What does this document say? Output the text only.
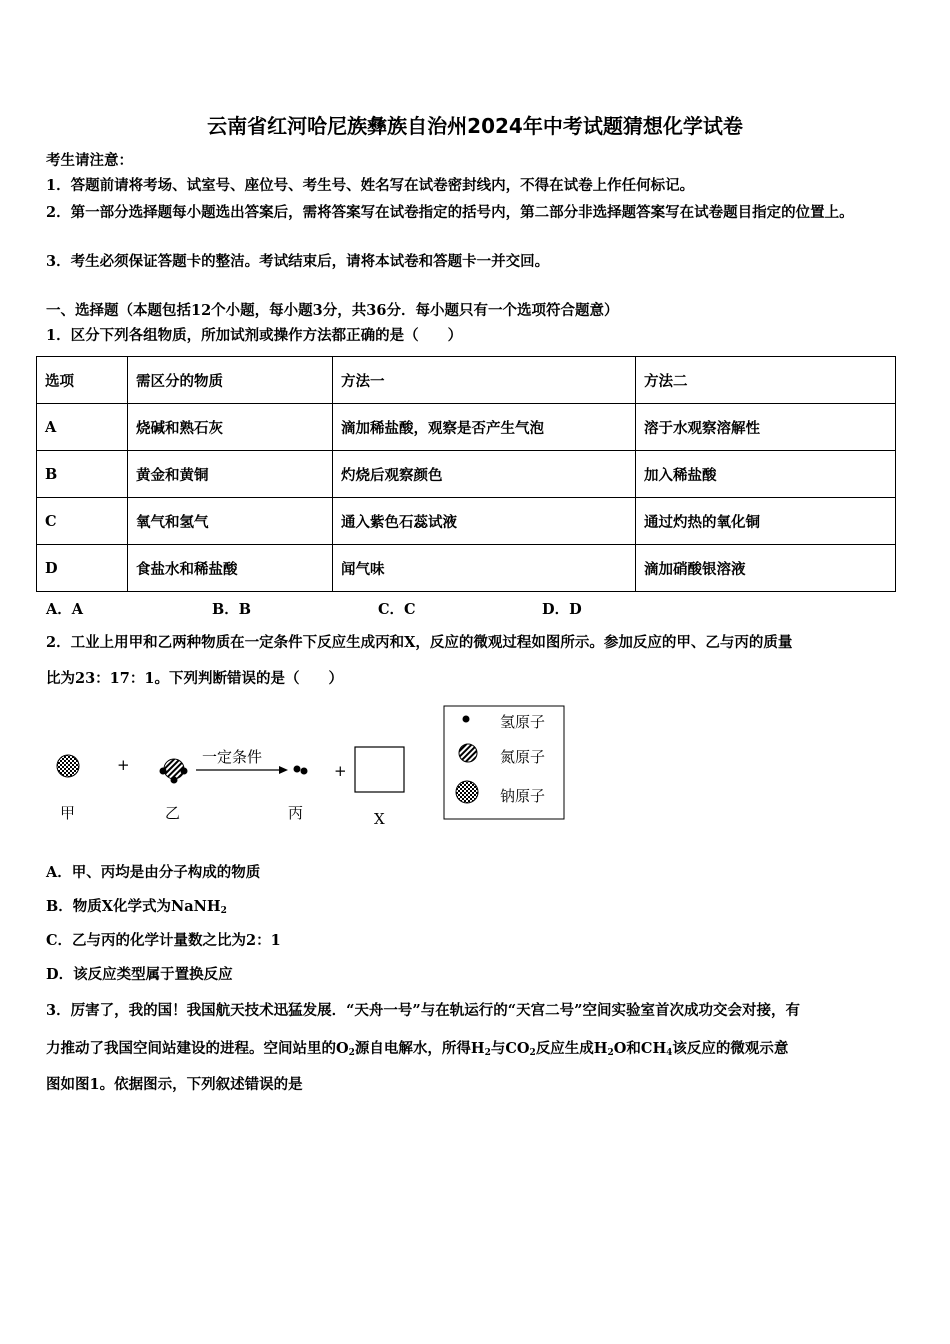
云南省红河哈尼族彝族自治州2024年中考试题猜想化学试卷
考生请注意：
1．答题前请将考场、试室号、座位号、考生号、姓名写在试卷密封线内，不得在试卷上作任何标记。
2．第一部分选择题每小题选出答案后，需将答案写在试卷指定的括号内，第二部分非选择题答案写在试卷题目指定的位置上。
3．考生必须保证答题卡的整洁。考试结束后，请将本试卷和答题卡一并交回。
一、选择题（本题包括12个小题，每小题3分，共36分．每小题只有一个选项符合题意）
1．区分下列各组物质，所加试剂或操作方法都正确的是（　　）
选项	需区分的物质	方法一	方法二
A	烧碱和熟石灰	滴加稀盐酸，观察是否产生气泡	溶于水观察溶解性
B	黄金和黄铜	灼烧后观察颜色	加入稀盐酸
C	氧气和氢气	通入紫色石蕊试液	通过灼热的氧化铜
D	食盐水和稀盐酸	闻气味	滴加硝酸银溶液
A．A	B．B	C．C	D．D
2．工业上用甲和乙两种物质在一定条件下反应生成丙和X，反应的微观过程如图所示。参加反应的甲、乙与丙的质量
比为23：17：1。下列判断错误的是（　　）
+	+
一定条件
甲	乙	丙	X
氢原子
氮原子
钠原子
A．甲、丙均是由分子构成的物质
B．物质X化学式为NaNH$_2$
C．乙与丙的化学计量数之比为2：1
D．该反应类型属于置换反应
3．厉害了，我的国！我国航天技术迅猛发展．“天舟一号”与在轨运行的“天宫二号”空间实验室首次成功交会对接，有
力推动了我国空间站建设的进程。空间站里的$O_2$源自电解水，所得$H_2$与$CO_2$反应生成$H_2O$和$CH_4$该反应的微观示意
图如图1。依据图示，下列叙述错误的是
